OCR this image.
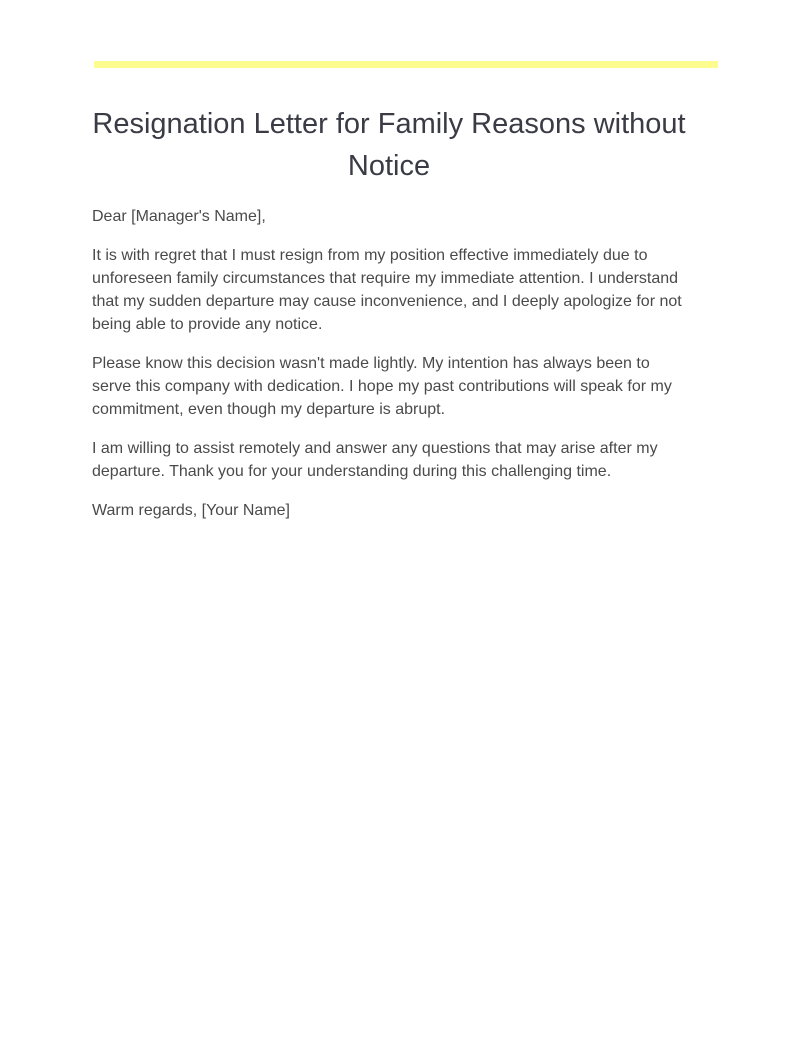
Resignation Letter for Family Reasons without Notice

Dear [Manager's Name],

It is with regret that I must resign from my position effective immediately due to unforeseen family circumstances that require my immediate attention. I understand that my sudden departure may cause inconvenience, and I deeply apologize for not being able to provide any notice.

Please know this decision wasn't made lightly. My intention has always been to serve this company with dedication. I hope my past contributions will speak for my commitment, even though my departure is abrupt.

I am willing to assist remotely and answer any questions that may arise after my departure. Thank you for your understanding during this challenging time.

Warm regards, [Your Name]
